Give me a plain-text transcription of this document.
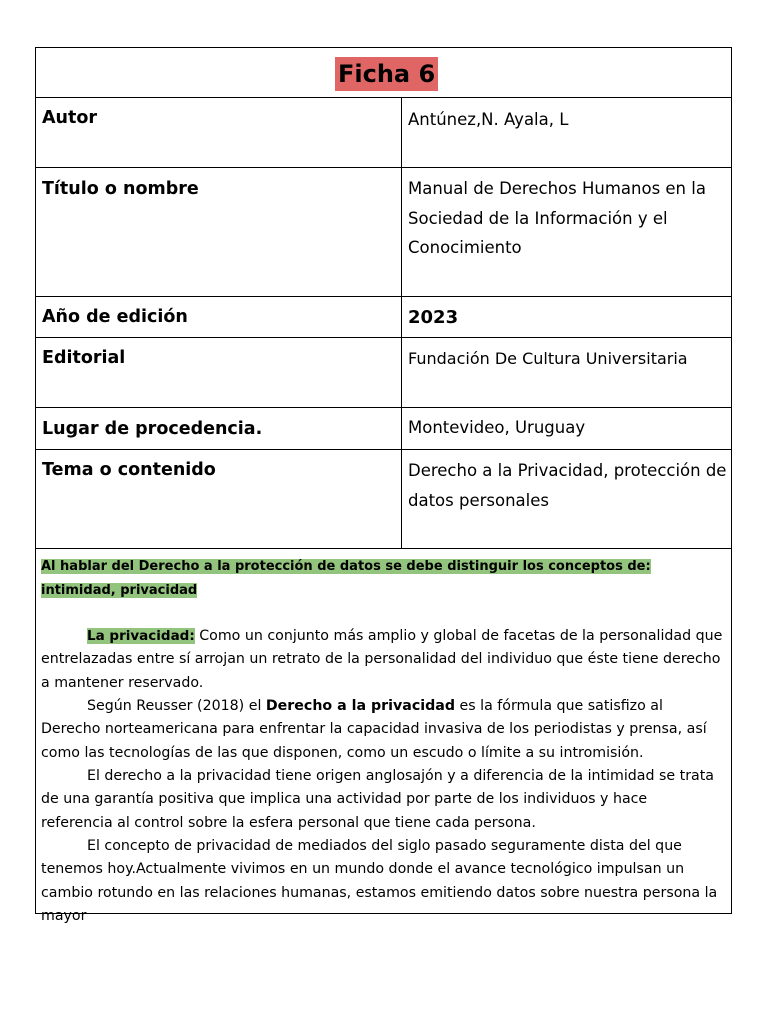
Ficha 6
Autor	Antúnez,N. Ayala, L
Título o nombre	Manual de Derechos Humanos en la Sociedad de la Información y el Conocimiento
Año de edición	2023
Editorial	Fundación De Cultura Universitaria
Lugar de procedencia.	Montevideo, Uruguay
Tema o contenido	Derecho a la Privacidad, protección de datos personales
Al hablar del Derecho a la protección de datos se debe distinguir los conceptos de: intimidad, privacidad
La privacidad: Como un conjunto más amplio y global de facetas de la personalidad que entrelazadas entre sí arrojan un retrato de la personalidad del individuo que éste tiene derecho a mantener reservado.
Según Reusser (2018) el Derecho a la privacidad es la fórmula que satisfizo al Derecho norteamericana para enfrentar la capacidad invasiva de los periodistas y prensa, así como las tecnologías de las que disponen, como un escudo o límite a su intromisión.
El derecho a la privacidad tiene origen anglosajón y a diferencia de la intimidad se trata de una garantía positiva que implica una actividad por parte de los individuos y hace referencia al control sobre la esfera personal que tiene cada persona.
El concepto de privacidad de mediados del siglo pasado seguramente dista del que tenemos hoy.Actualmente vivimos en un mundo donde el avance tecnológico impulsan un cambio rotundo en las relaciones humanas, estamos emitiendo datos sobre nuestra persona la mayor
